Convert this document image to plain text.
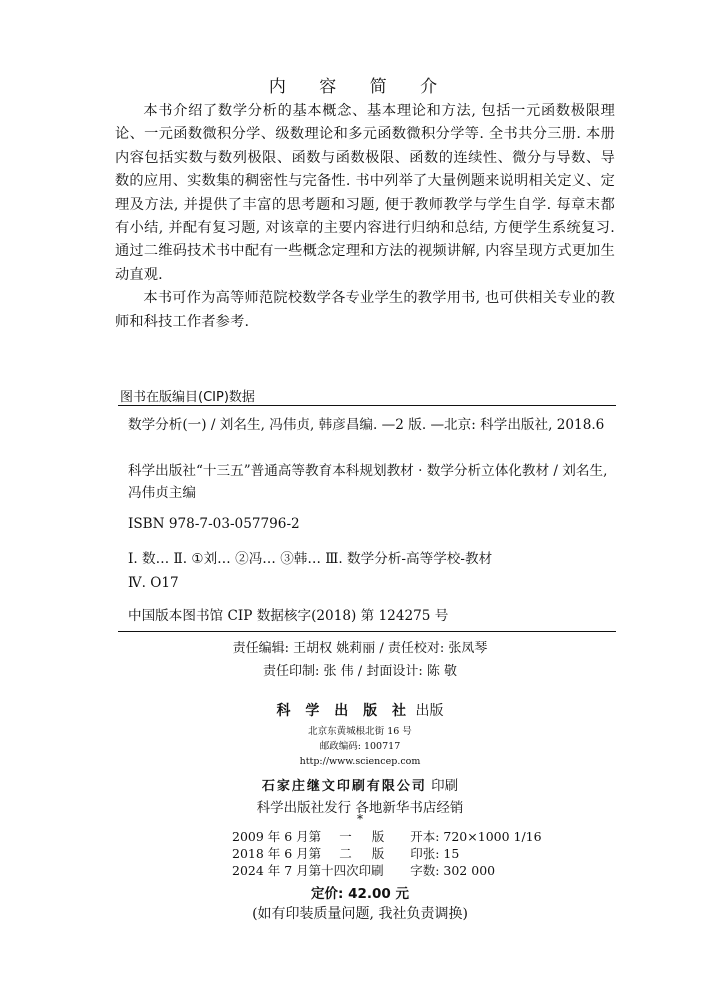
内 容 简 介

本书介绍了数学分析的基本概念、基本理论和方法, 包括一元函数极限理论、一元函数微积分学、级数理论和多元函数微积分学等. 全书共分三册. 本册内容包括实数与数列极限、函数与函数极限、函数的连续性、微分与导数、导数的应用、实数集的稠密性与完备性. 书中列举了大量例题来说明相关定义、定理及方法, 并提供了丰富的思考题和习题, 便于教师教学与学生自学. 每章末都有小结, 并配有复习题, 对该章的主要内容进行归纳和总结, 方便学生系统复习. 通过二维码技术书中配有一些概念定理和方法的视频讲解, 内容呈现方式更加生动直观.

本书可作为高等师范院校数学各专业学生的教学用书, 也可供相关专业的教师和科技工作者参考.

图书在版编目(CIP)数据

数学分析(一) / 刘名生, 冯伟贞, 韩彦昌编. —2 版. —北京: 科学出版社, 2018.6

科学出版社“十三五”普通高等教育本科规划教材 · 数学分析立体化教材 / 刘名生, 冯伟贞主编

ISBN 978-7-03-057796-2
Ⅰ. 数… Ⅱ. ①刘… ②冯… ③韩… Ⅲ. 数学分析-高等学校-教材
Ⅳ. O17
中国版本图书馆 CIP 数据核字(2018) 第 124275 号
责任编辑: 王胡权 姚莉丽 / 责任校对: 张凤琴
责任印制: 张 伟 / 封面设计: 陈 敬
科 学 出 版 社 出版
北京东黄城根北街 16 号
邮政编码: 100717
http://www.sciencep.com
石家庄继文印刷有限公司 印刷
科学出版社发行 各地新华书店经销
*
2009 年 6 月第	一	版	开本: 720×1000 1/16
2018 年 6 月第	二	版	印张: 15
2024 年 7 月第十四次印刷			字数: 302 000
定价: 42.00 元
(如有印装质量问题, 我社负责调换)
